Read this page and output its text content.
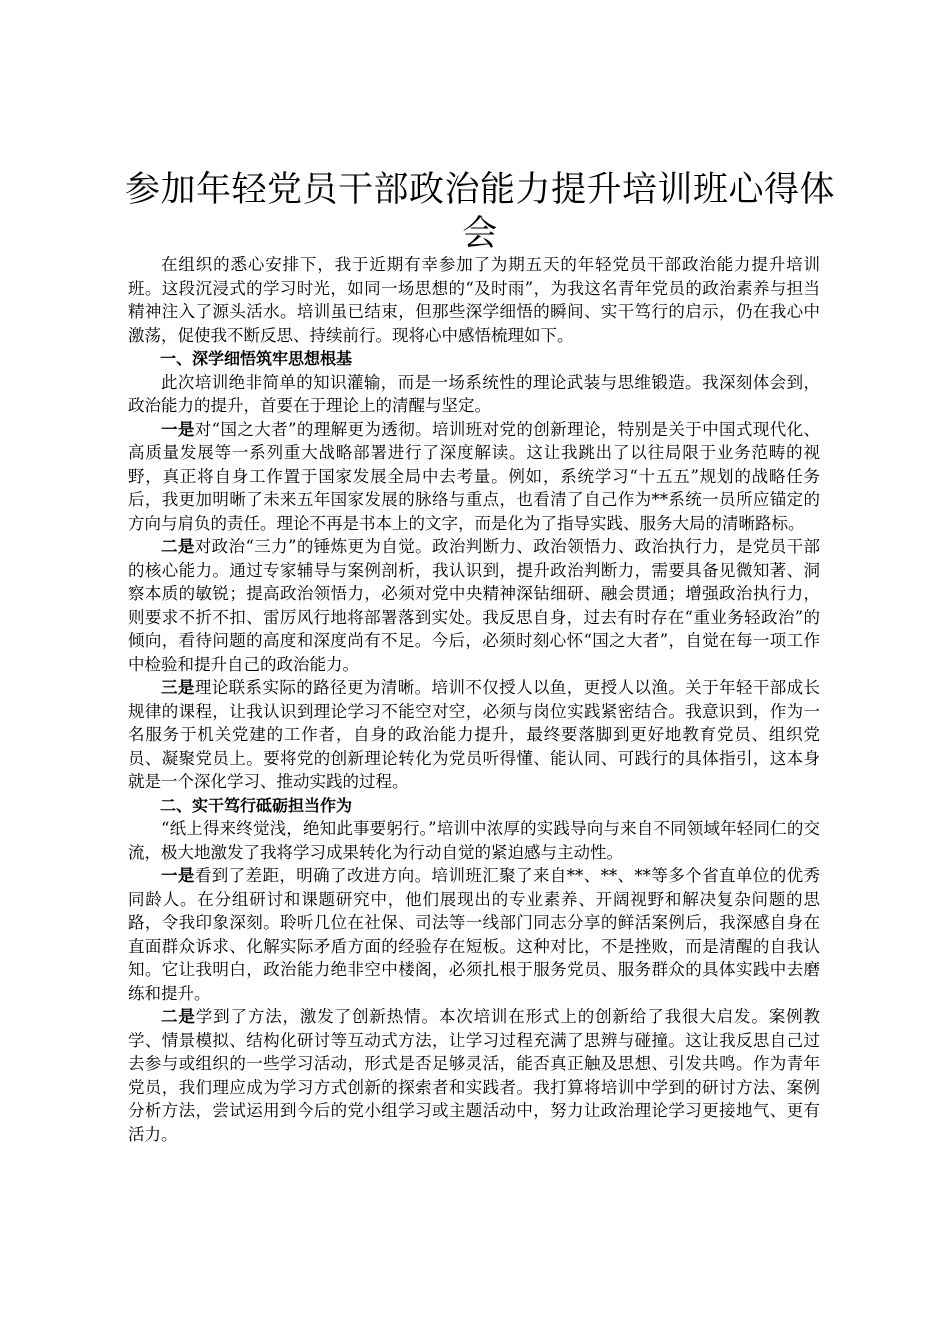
参加年轻党员干部政治能力提升培训班心得体会

在组织的悉心安排下，我于近期有幸参加了为期五天的年轻党员干部政治能力提升培训班。这段沉浸式的学习时光，如同一场思想的“及时雨”，为我这名青年党员的政治素养与担当精神注入了源头活水。培训虽已结束，但那些深学细悟的瞬间、实干笃行的启示，仍在我心中激荡，促使我不断反思、持续前行。现将心中感悟梳理如下。

一、深学细悟筑牢思想根基

此次培训绝非简单的知识灌输，而是一场系统性的理论武装与思维锻造。我深刻体会到，政治能力的提升，首要在于理论上的清醒与坚定。

一是对“国之大者”的理解更为透彻。培训班对党的创新理论，特别是关于中国式现代化、高质量发展等一系列重大战略部署进行了深度解读。这让我跳出了以往局限于业务范畴的视野，真正将自身工作置于国家发展全局中去考量。例如，系统学习“十五五”规划的战略任务后，我更加明晰了未来五年国家发展的脉络与重点，也看清了自己作为**系统一员所应锚定的方向与肩负的责任。理论不再是书本上的文字，而是化为了指导实践、服务大局的清晰路标。

二是对政治“三力”的锤炼更为自觉。政治判断力、政治领悟力、政治执行力，是党员干部的核心能力。通过专家辅导与案例剖析，我认识到，提升政治判断力，需要具备见微知著、洞察本质的敏锐；提高政治领悟力，必须对党中央精神深钻细研、融会贯通；增强政治执行力，则要求不折不扣、雷厉风行地将部署落到实处。我反思自身，过去有时存在“重业务轻政治”的倾向，看待问题的高度和深度尚有不足。今后，必须时刻心怀“国之大者”，自觉在每一项工作中检验和提升自己的政治能力。

三是理论联系实际的路径更为清晰。培训不仅授人以鱼，更授人以渔。关于年轻干部成长规律的课程，让我认识到理论学习不能空对空，必须与岗位实践紧密结合。我意识到，作为一名服务于机关党建的工作者，自身的政治能力提升，最终要落脚到更好地教育党员、组织党员、凝聚党员上。要将党的创新理论转化为党员听得懂、能认同、可践行的具体指引，这本身就是一个深化学习、推动实践的过程。

二、实干笃行砥砺担当作为

“纸上得来终觉浅，绝知此事要躬行。”培训中浓厚的实践导向与来自不同领域年轻同仁的交流，极大地激发了我将学习成果转化为行动自觉的紧迫感与主动性。

一是看到了差距，明确了改进方向。培训班汇聚了来自**、**、**等多个省直单位的优秀同龄人。在分组研讨和课题研究中，他们展现出的专业素养、开阔视野和解决复杂问题的思路，令我印象深刻。聆听几位在社保、司法等一线部门同志分享的鲜活案例后，我深感自身在直面群众诉求、化解实际矛盾方面的经验存在短板。这种对比，不是挫败，而是清醒的自我认知。它让我明白，政治能力绝非空中楼阁，必须扎根于服务党员、服务群众的具体实践中去磨练和提升。

二是学到了方法，激发了创新热情。本次培训在形式上的创新给了我很大启发。案例教学、情景模拟、结构化研讨等互动式方法，让学习过程充满了思辨与碰撞。这让我反思自己过去参与或组织的一些学习活动，形式是否足够灵活，能否真正触及思想、引发共鸣。作为青年党员，我们理应成为学习方式创新的探索者和实践者。我打算将培训中学到的研讨方法、案例分析方法，尝试运用到今后的党小组学习或主题活动中，努力让政治理论学习更接地气、更有活力。
